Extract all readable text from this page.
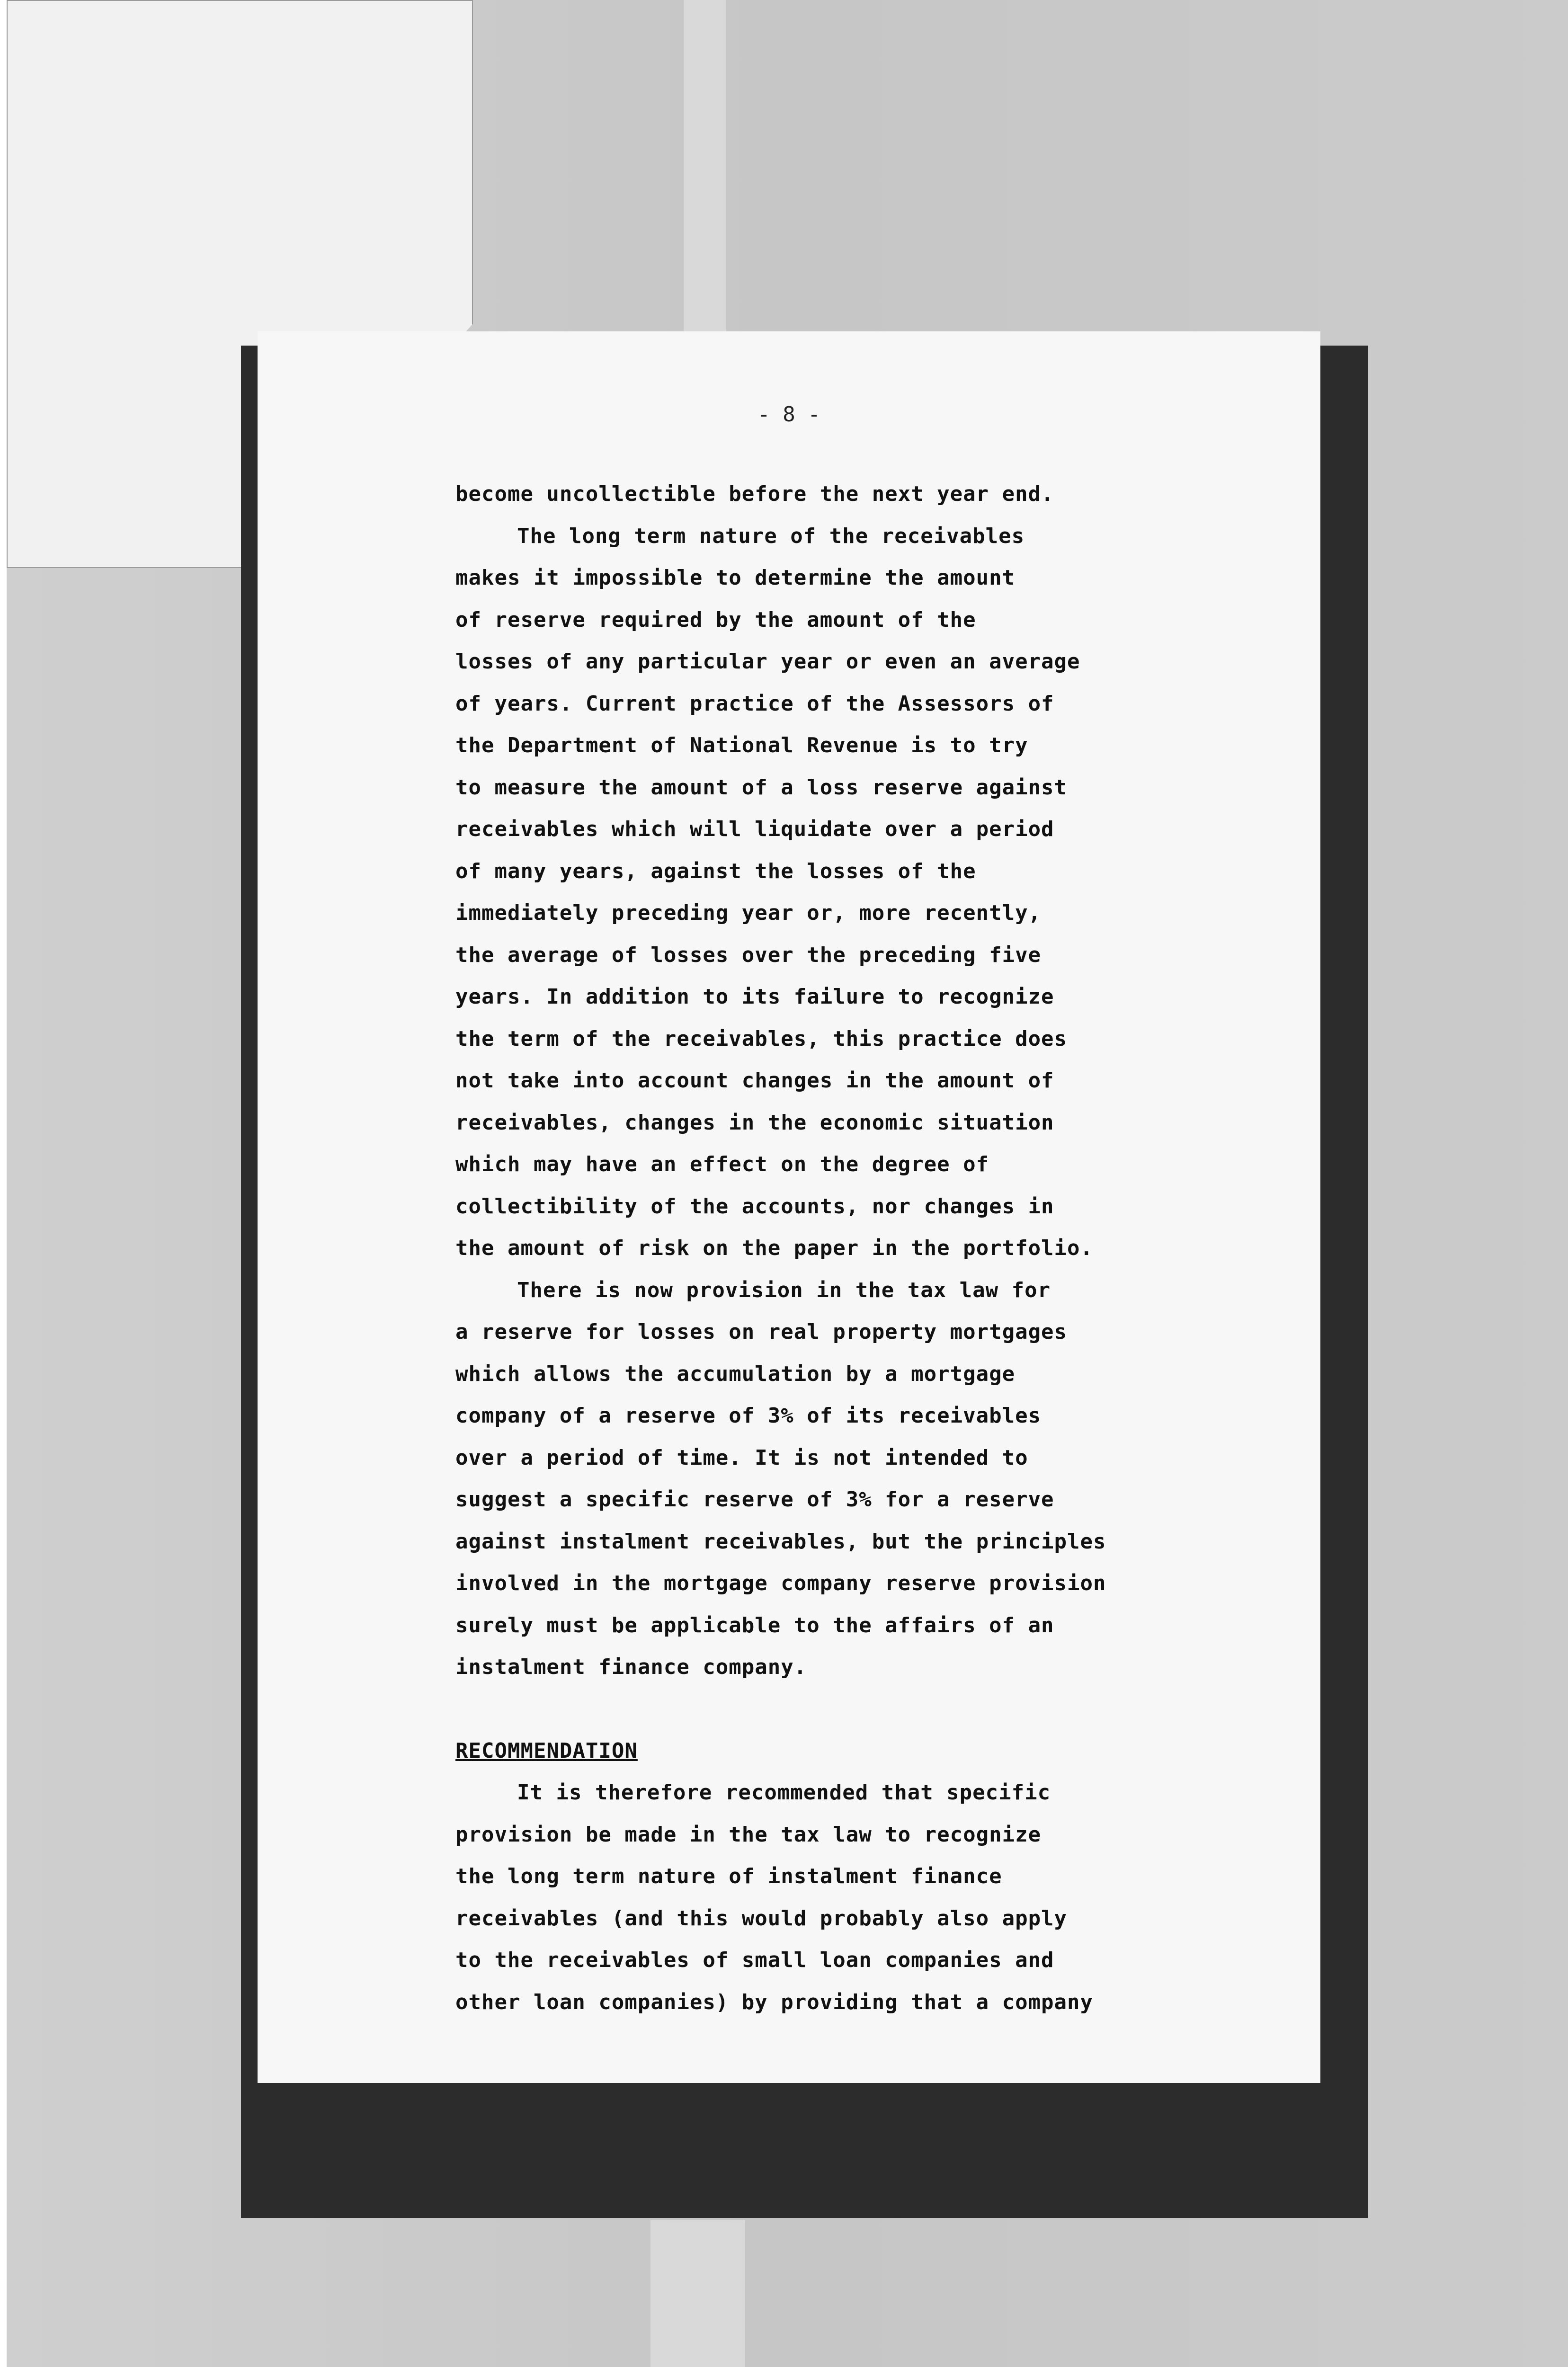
- 8 -
become uncollectible before the next year end.
The long term nature of the receivables
makes it impossible to determine the amount
of reserve required by the amount of the
losses of any particular year or even an average
of years. Current practice of the Assessors of
the Department of National Revenue is to try
to measure the amount of a loss reserve against
receivables which will liquidate over a period
of many years, against the losses of the
immediately preceding year or, more recently,
the average of losses over the preceding five
years. In addition to its failure to recognize
the term of the receivables, this practice does
not take into account changes in the amount of
receivables, changes in the economic situation
which may have an effect on the degree of
collectibility of the accounts, nor changes in
the amount of risk on the paper in the portfolio.
There is now provision in the tax law for
a reserve for losses on real property mortgages
which allows the accumulation by a mortgage
company of a reserve of 3% of its receivables
over a period of time. It is not intended to
suggest a specific reserve of 3% for a reserve
against instalment receivables, but the principles
involved in the mortgage company reserve provision
surely must be applicable to the affairs of an
instalment finance company.
RECOMMENDATION
It is therefore recommended that specific
provision be made in the tax law to recognize
the long term nature of instalment finance
receivables (and this would probably also apply
to the receivables of small loan companies and
other loan companies) by providing that a company
